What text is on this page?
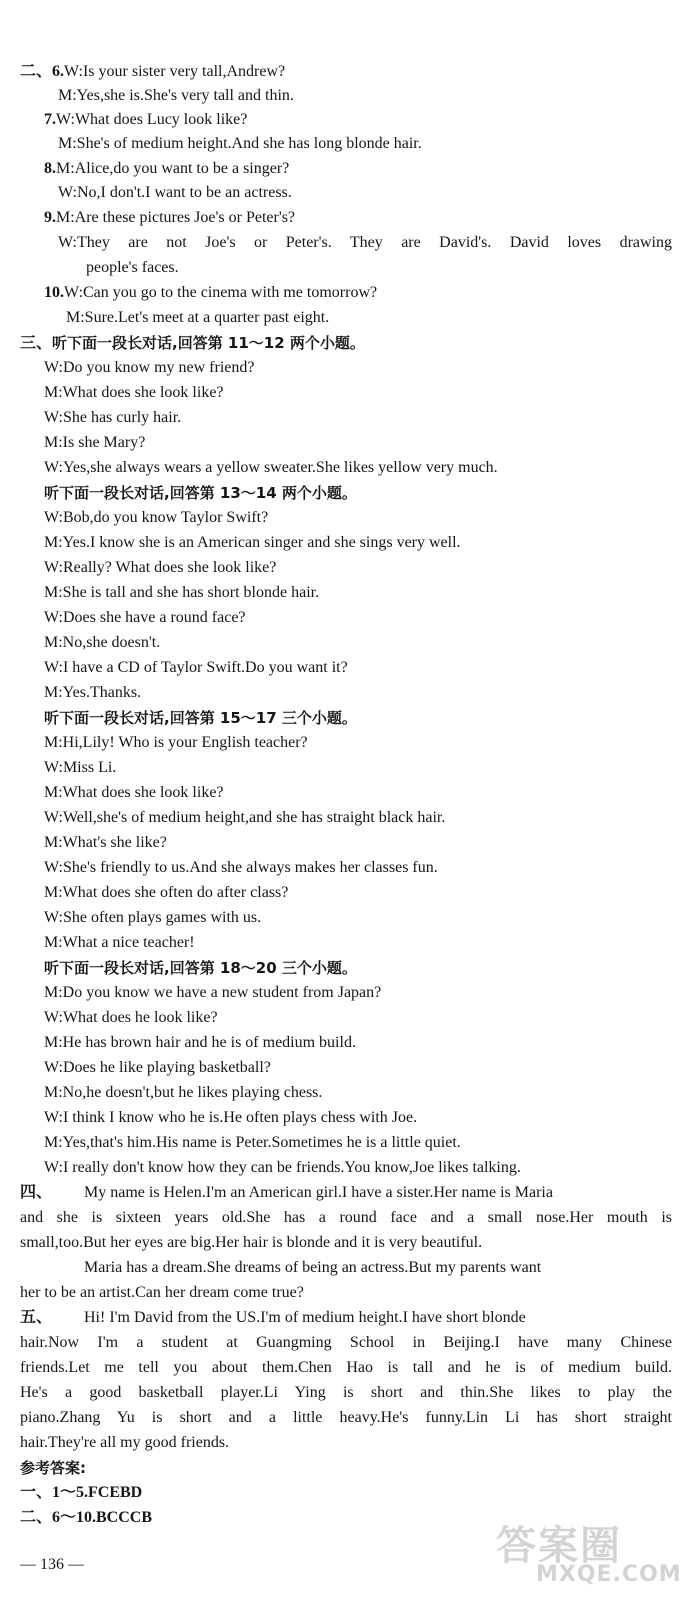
二、6.W:Is your sister very tall,Andrew?
M:Yes,she is.She's very tall and thin.
7.W:What does Lucy look like?
M:She's of medium height.And she has long blonde hair.
8.M:Alice,do you want to be a singer?
W:No,I don't.I want to be an actress.
9.M:Are these pictures Joe's or Peter's?
W:They are not Joe's or Peter's. They are David's. David loves drawing
people's faces.
10.W:Can you go to the cinema with me tomorrow?
M:Sure.Let's meet at a quarter past eight.
三、听下面一段长对话,回答第 11～12 两个小题。
W:Do you know my new friend?
M:What does she look like?
W:She has curly hair.
M:Is she Mary?
W:Yes,she always wears a yellow sweater.She likes yellow very much.
听下面一段长对话,回答第 13～14 两个小题。
W:Bob,do you know Taylor Swift?
M:Yes.I know she is an American singer and she sings very well.
W:Really? What does she look like?
M:She is tall and she has short blonde hair.
W:Does she have a round face?
M:No,she doesn't.
W:I have a CD of Taylor Swift.Do you want it?
M:Yes.Thanks.
听下面一段长对话,回答第 15～17 三个小题。
M:Hi,Lily! Who is your English teacher?
W:Miss Li.
M:What does she look like?
W:Well,she's of medium height,and she has straight black hair.
M:What's she like?
W:She's friendly to us.And she always makes her classes fun.
M:What does she often do after class?
W:She often plays games with us.
M:What a nice teacher!
听下面一段长对话,回答第 18～20 三个小题。
M:Do you know we have a new student from Japan?
W:What does he look like?
M:He has brown hair and he is of medium build.
W:Does he like playing basketball?
M:No,he doesn't,but he likes playing chess.
W:I think I know who he is.He often plays chess with Joe.
M:Yes,that's him.His name is Peter.Sometimes he is a little quiet.
W:I really don't know how they can be friends.You know,Joe likes talking.
四、 My name is Helen.I'm an American girl.I have a sister.Her name is Maria
and she is sixteen years old.She has a round face and a small nose.Her mouth is
small,too.But her eyes are big.Her hair is blonde and it is very beautiful.
Maria has a dream.She dreams of being an actress.But my parents want
her to be an artist.Can her dream come true?
五、 Hi! I'm David from the US.I'm of medium height.I have short blonde
hair.Now I'm a student at Guangming School in Beijing.I have many Chinese
friends.Let me tell you about them.Chen Hao is tall and he is of medium build.
He's a good basketball player.Li Ying is short and thin.She likes to play the
piano.Zhang Yu is short and a little heavy.He's funny.Lin Li has short straight
hair.They're all my good friends.
参考答案:
一、1～5.FCEBD
二、6～10.BCCCB
— 136 —	答案圈
MXQE.COM
